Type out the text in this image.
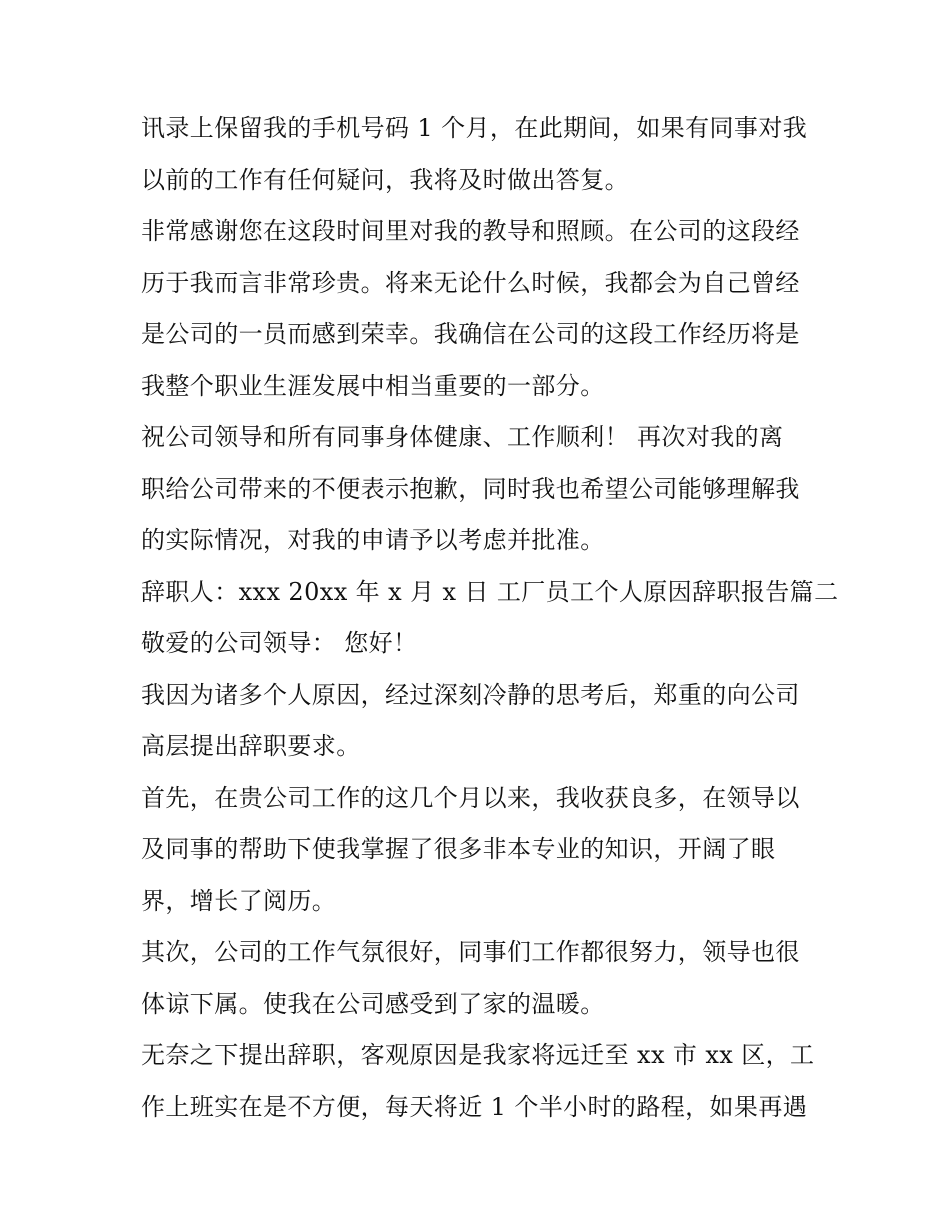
讯录上保留我的手机号码 1 个月，在此期间，如果有同事对我
以前的工作有任何疑问，我将及时做出答复。
非常感谢您在这段时间里对我的教导和照顾。在公司的这段经
历于我而言非常珍贵。将来无论什么时候，我都会为自己曾经
是公司的一员而感到荣幸。我确信在公司的这段工作经历将是
我整个职业生涯发展中相当重要的一部分。
祝公司领导和所有同事身体健康、工作顺利！ 再次对我的离
职给公司带来的不便表示抱歉，同时我也希望公司能够理解我
的实际情况，对我的申请予以考虑并批准。
辞职人：xxx 20xx 年 x 月 x 日 工厂员工个人原因辞职报告篇二
敬爱的公司领导： 您好！
我因为诸多个人原因，经过深刻冷静的思考后，郑重的向公司
高层提出辞职要求。
首先，在贵公司工作的这几个月以来，我收获良多，在领导以
及同事的帮助下使我掌握了很多非本专业的知识，开阔了眼
界，增长了阅历。
其次，公司的工作气氛很好，同事们工作都很努力，领导也很
体谅下属。使我在公司感受到了家的温暖。
无奈之下提出辞职，客观原因是我家将远迁至 xx 市 xx 区，工
作上班实在是不方便，每天将近 1 个半小时的路程，如果再遇
